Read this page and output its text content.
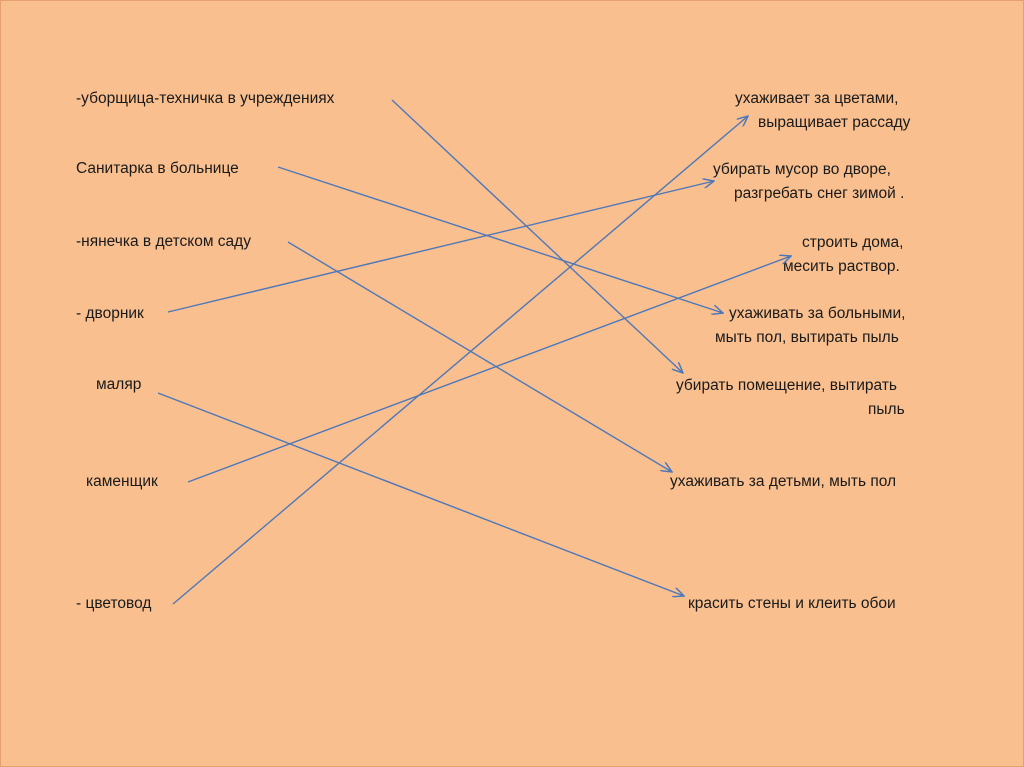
-уборщица-техничка в учреждениях
Санитарка в больнице
-нянечка в детском саду
- дворник
маляр
каменщик
- цветовод
ухаживает за цветами,
выращивает рассаду
убирать мусор во дворе,
разгребать снег зимой .
строить дома,
месить раствор.
ухаживать за больными,
мыть пол, вытирать пыль
убирать помещение, вытирать
пыль
ухаживать за детьми, мыть пол
красить стены и клеить обои
